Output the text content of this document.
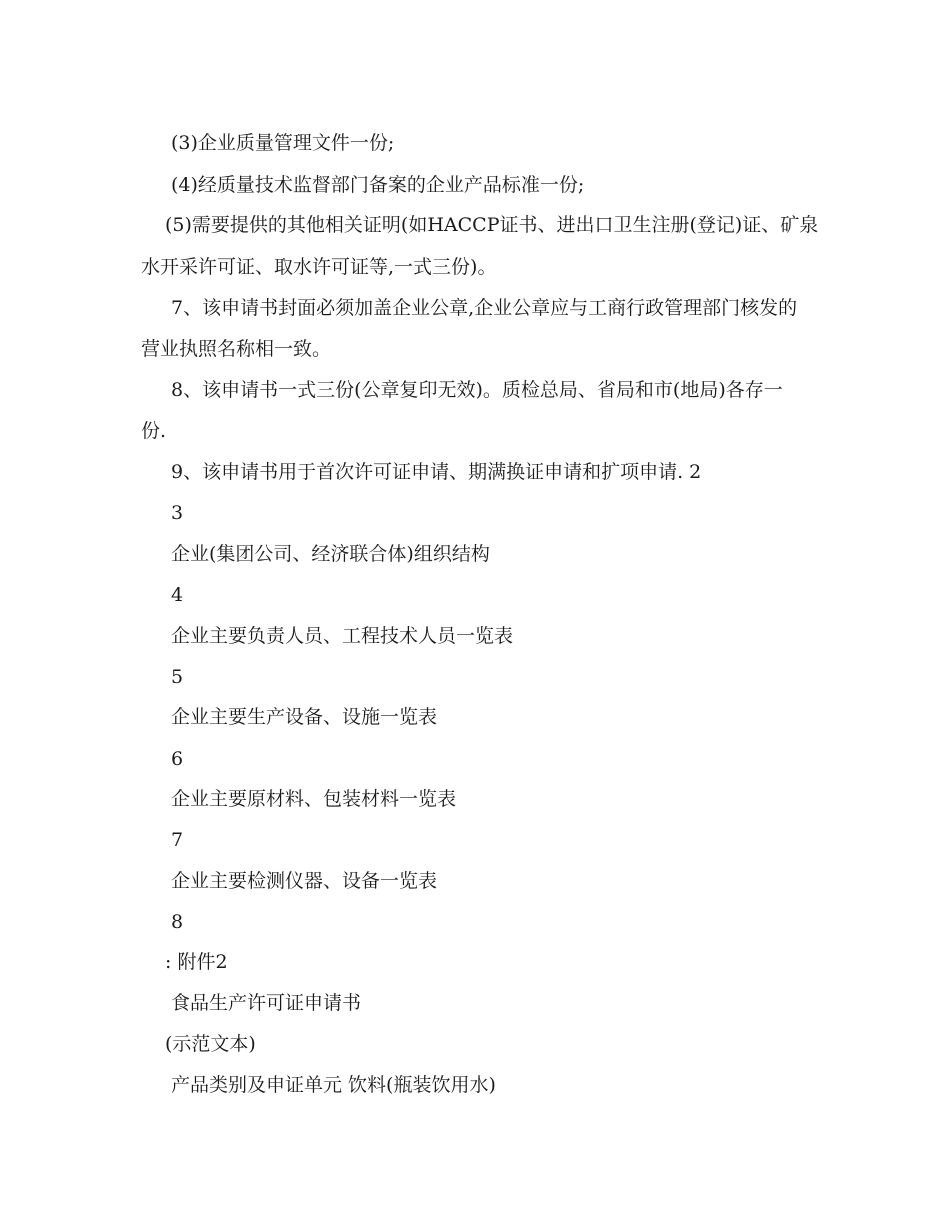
(3)企业质量管理文件一份;
(4)经质量技术监督部门备案的企业产品标准一份;
(5)需要提供的其他相关证明(如HACCP证书、进出口卫生注册(登记)证、矿泉
水开采许可证、取水许可证等,一式三份)。
7、该申请书封面必须加盖企业公章,企业公章应与工商行政管理部门核发的
营业执照名称相一致。
8、该申请书一式三份(公章复印无效)。质检总局、省局和市(地局)各存一
份.
9、该申请书用于首次许可证申请、期满换证申请和扩项申请. 2
3
企业(集团公司、经济联合体)组织结构
4
企业主要负责人员、工程技术人员一览表
5
企业主要生产设备、设施一览表
6
企业主要原材料、包装材料一览表
7
企业主要检测仪器、设备一览表
8
: 附件2
食品生产许可证申请书
(示范文本)
产品类别及申证单元 饮料(瓶装饮用水)
